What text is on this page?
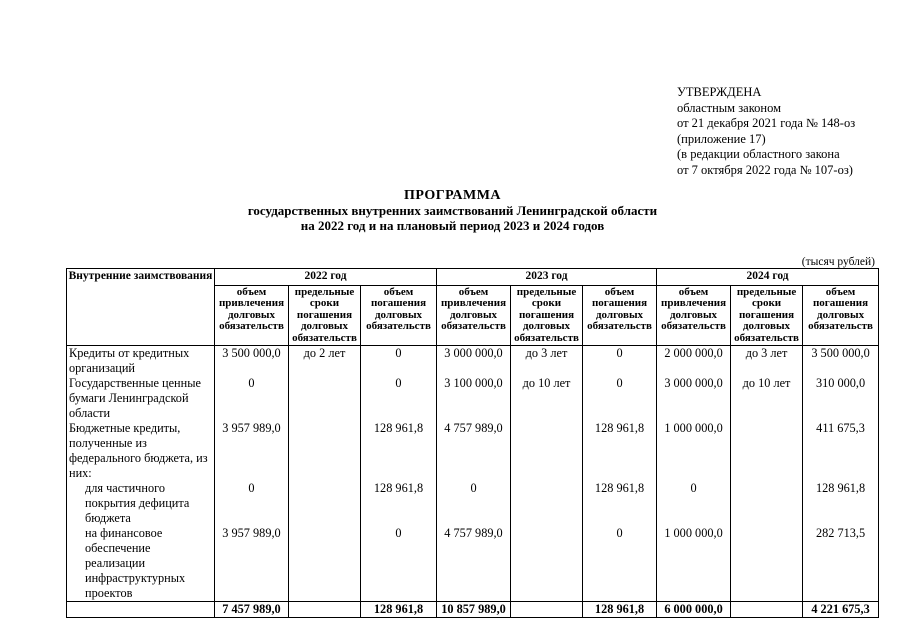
УТВЕРЖДЕНА
областным законом
от 21 декабря 2021 года № 148-оз
(приложение 17)
(в редакции областного закона
от 7 октября 2022 года № 107-оз)
ПРОГРАММА
государственных внутренних заимствований Ленинградской области
на 2022 год и на плановый период 2023 и 2024 годов
(тысяч рублей)
Внутренние заимствования	2022 год			2023 год			2024 год		
	объем привлечения долговых обязательств	предельные сроки погашения долговых обязательств	объем погашения долговых обязательств	объем привлечения долговых обязательств	предельные сроки погашения долговых обязательств	объем погашения долговых обязательств	объем привлечения долговых обязательств	предельные сроки погашения долговых обязательств	объем погашения долговых обязательств
Кредиты от кредитных организаций	3 500 000,0	до 2 лет	0	3 000 000,0	до 3 лет	0	2 000 000,0	до 3 лет	3 500 000,0
Государственные ценные бумаги Ленинградской области	0		0	3 100 000,0	до 10 лет	0	3 000 000,0	до 10 лет	310 000,0
Бюджетные кредиты, полученные из федерального бюджета, из них:	3 957 989,0		128 961,8	4 757 989,0		128 961,8	1 000 000,0		411 675,3
для частичного покрытия дефицита бюджета	0		128 961,8	0		128 961,8	0		128 961,8
на финансовое обеспечение реализации инфраструктурных проектов	3 957 989,0		0	4 757 989,0		0	1 000 000,0		282 713,5
	7 457 989,0		128 961,8	10 857 989,0		128 961,8	6 000 000,0		4 221 675,3
